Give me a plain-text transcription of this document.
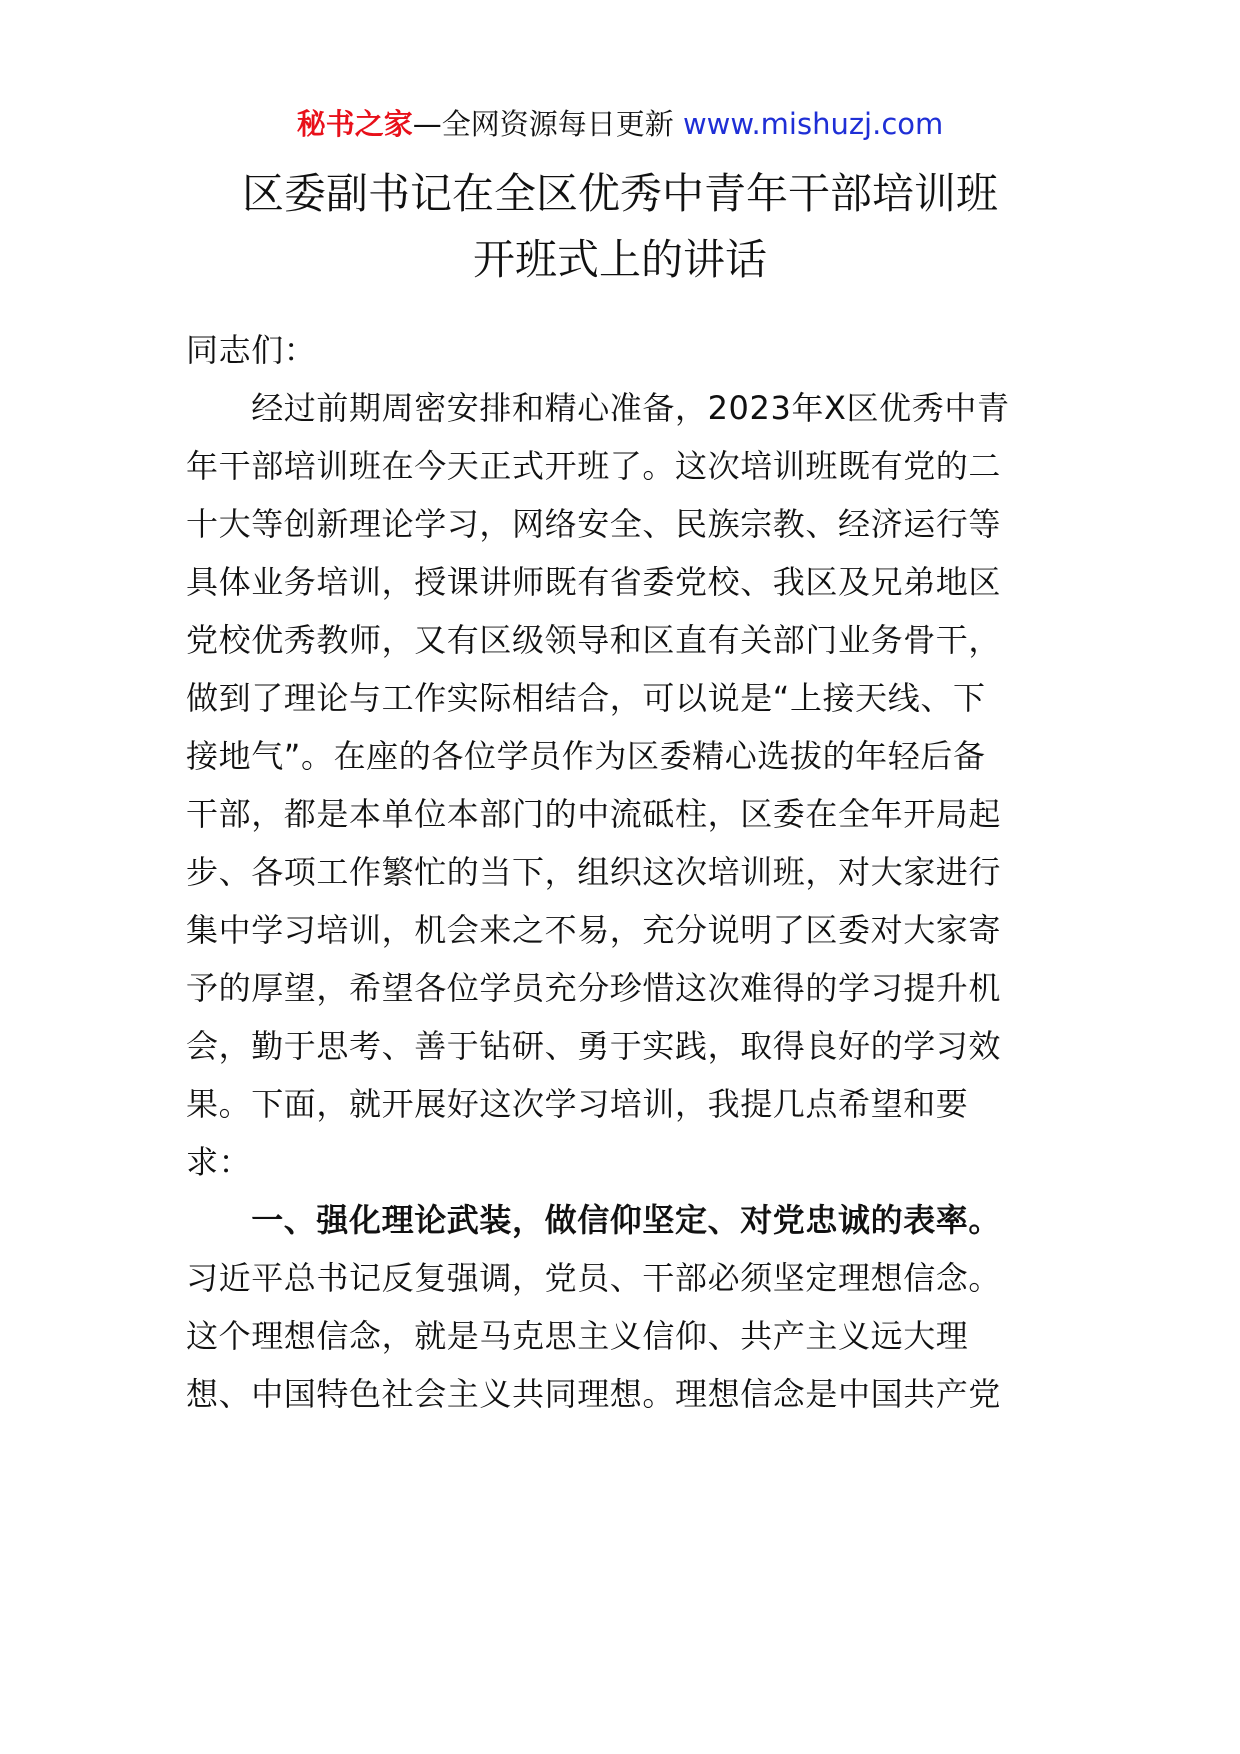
秘书之家—全网资源每日更新 www.mishuzj.com
区委副书记在全区优秀中青年干部培训班
开班式上的讲话
同志们：
　　经过前期周密安排和精心准备，2023年X区优秀中青
年干部培训班在今天正式开班了。这次培训班既有党的二
十大等创新理论学习，网络安全、民族宗教、经济运行等
具体业务培训，授课讲师既有省委党校、我区及兄弟地区
党校优秀教师，又有区级领导和区直有关部门业务骨干，
做到了理论与工作实际相结合，可以说是“上接天线、下
接地气”。在座的各位学员作为区委精心选拔的年轻后备
干部，都是本单位本部门的中流砥柱，区委在全年开局起
步、各项工作繁忙的当下，组织这次培训班，对大家进行
集中学习培训，机会来之不易，充分说明了区委对大家寄
予的厚望，希望各位学员充分珍惜这次难得的学习提升机
会，勤于思考、善于钻研、勇于实践，取得良好的学习效
果。下面，就开展好这次学习培训，我提几点希望和要
求：
　　一、强化理论武装，做信仰坚定、对党忠诚的表率。
习近平总书记反复强调，党员、干部必须坚定理想信念。
这个理想信念，就是马克思主义信仰、共产主义远大理
想、中国特色社会主义共同理想。理想信念是中国共产党
